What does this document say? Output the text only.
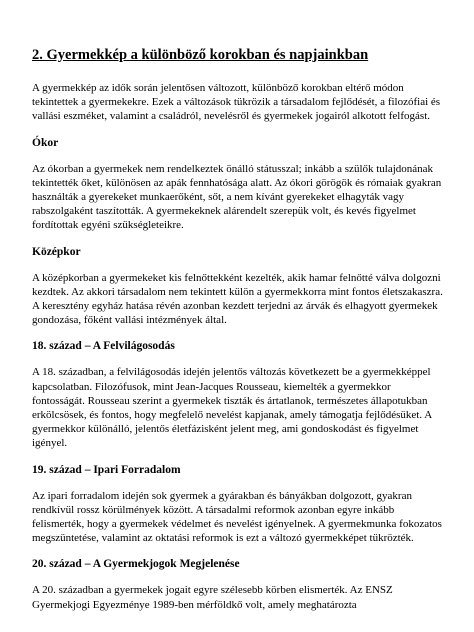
2. Gyermekkép a különböző korokban és napjainkban

A gyermekkép az idők során jelentősen változott, különböző korokban eltérő módon tekintettek a gyermekekre. Ezek a változások tükrözik a társadalom fejlődését, a filozófiai és vallási eszméket, valamint a családról, nevelésről és gyermekek jogairól alkotott felfogást.

Ókor

Az ókorban a gyermekek nem rendelkeztek önálló státusszal; inkább a szülők tulajdonának tekintették őket, különösen az apák fennhatósága alatt. Az ókori görögök és rómaiak gyakran használták a gyerekeket munkaerőként, sőt, a nem kívánt gyerekeket elhagyták vagy rabszolgaként taszították. A gyermekeknek alárendelt szerepük volt, és kevés figyelmet fordítottak egyéni szükségleteikre.

Középkor

A középkorban a gyermekeket kis felnőttekként kezelték, akik hamar felnőtté válva dolgozni kezdtek. Az akkori társadalom nem tekintett külön a gyermekkorra mint fontos életszakaszra. A keresztény egyház hatása révén azonban kezdett terjedni az árvák és elhagyott gyermekek gondozása, főként vallási intézmények által.

18. század – A Felvilágosodás

A 18. században, a felvilágosodás idején jelentős változás következett be a gyermekképpel kapcsolatban. Filozófusok, mint Jean-Jacques Rousseau, kiemelték a gyermekkor fontosságát. Rousseau szerint a gyermekek tiszták és ártatlanok, természetes állapotukban erkölcsösek, és fontos, hogy megfelelő nevelést kapjanak, amely támogatja fejlődésüket. A gyermekkor különálló, jelentős életfázisként jelent meg, ami gondoskodást és figyelmet igényel.

19. század – Ipari Forradalom

Az ipari forradalom idején sok gyermek a gyárakban és bányákban dolgozott, gyakran rendkívül rossz körülmények között. A társadalmi reformok azonban egyre inkább felismerték, hogy a gyermekek védelmet és nevelést igényelnek. A gyermekmunka fokozatos megszüntetése, valamint az oktatási reformok is ezt a változó gyermekképet tükrözték.

20. század – A Gyermekjogok Megjelenése

A 20. században a gyermekek jogait egyre szélesebb körben elismerték. Az ENSZ Gyermekjogi Egyezménye 1989-ben mérföldkő volt, amely meghatározta
